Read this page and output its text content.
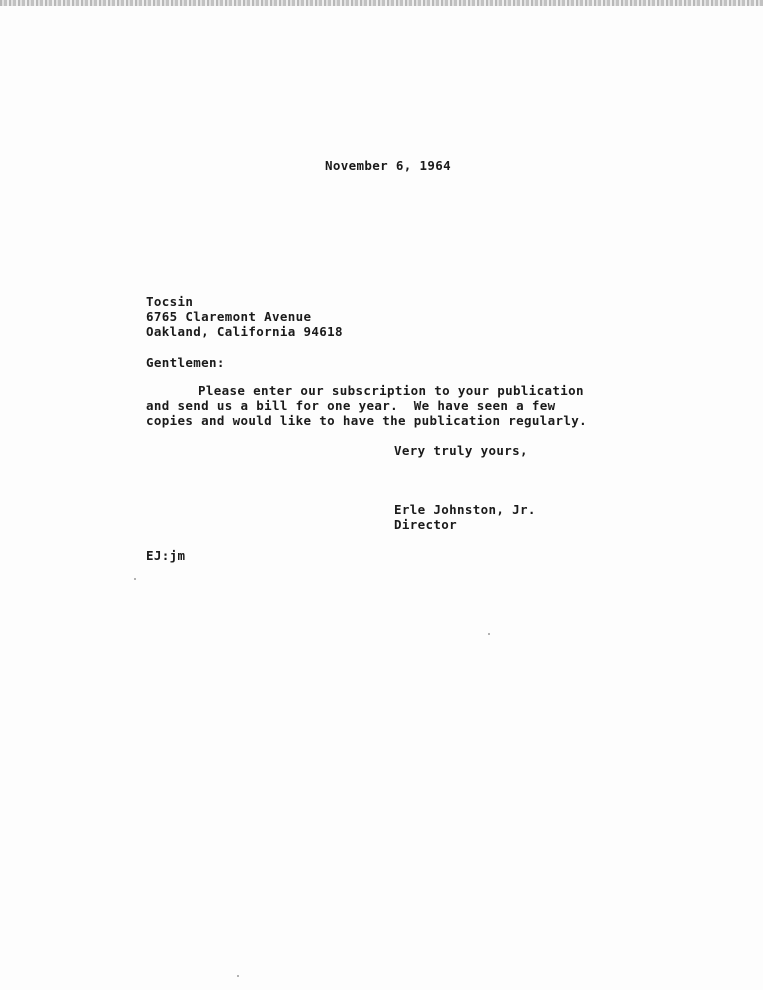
November 6, 1964
Tocsin
6765 Claremont Avenue
Oakland, California 94618
Gentlemen:
Please enter our subscription to your publication
and send us a bill for one year.  We have seen a few
copies and would like to have the publication regularly.
Very truly yours,
Erle Johnston, Jr.
Director
EJ:jm
